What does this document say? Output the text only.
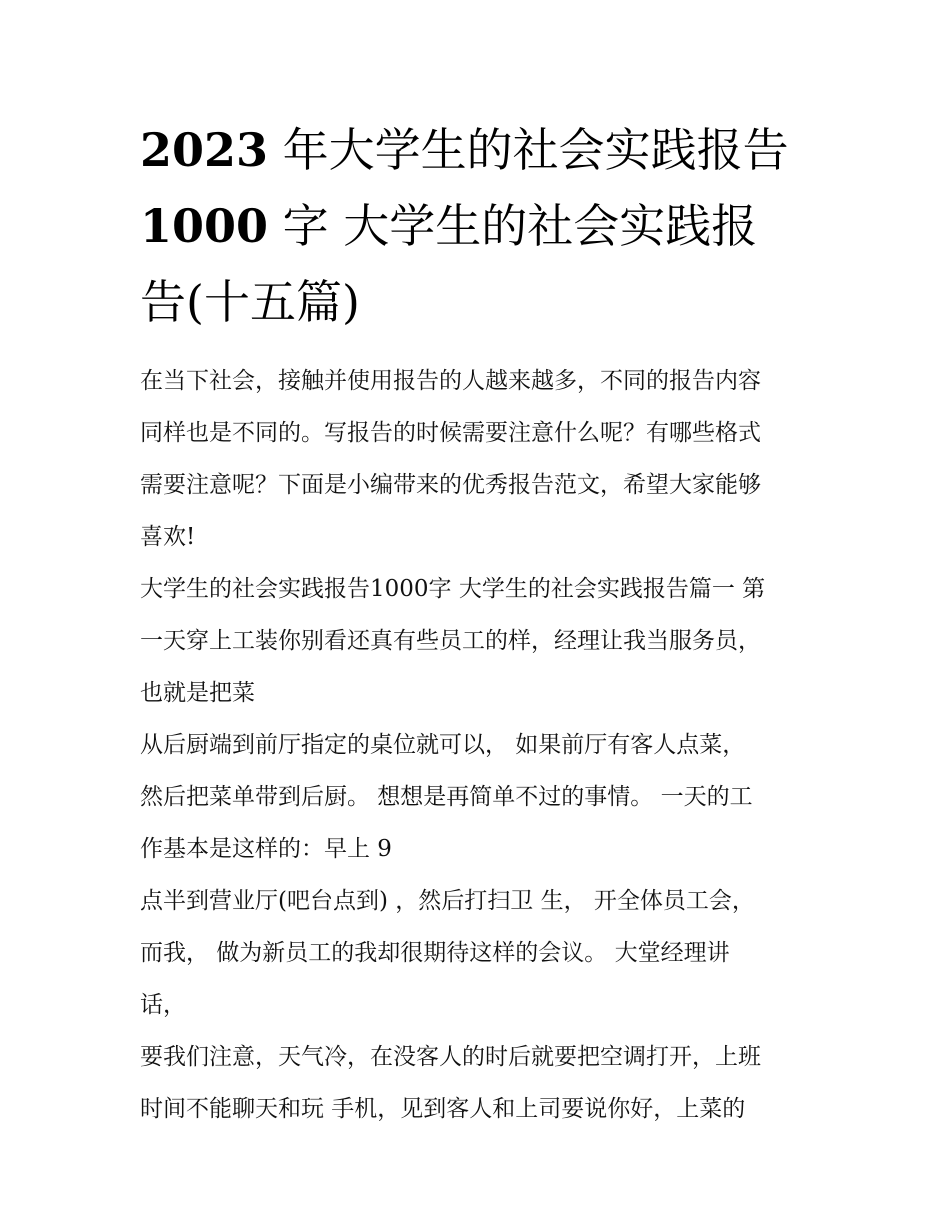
2023 年大学生的社会实践报告
1000 字 大学生的社会实践报
告(十五篇)

在当下社会，接触并使用报告的人越来越多，不同的报告内容

同样也是不同的。写报告的时候需要注意什么呢？有哪些格式

需要注意呢？下面是小编带来的优秀报告范文，希望大家能够

喜欢!

大学生的社会实践报告1000字 大学生的社会实践报告篇一 第

一天穿上工装你别看还真有些员工的样，经理让我当服务员，

也就是把菜

从后厨端到前厅指定的桌位就可以， 如果前厅有客人点菜，

然后把菜单带到后厨。 想想是再简单不过的事情。 一天的工

作基本是这样的：早上 9

点半到营业厅(吧台点到) ，然后打扫卫 生， 开全体员工会，

而我， 做为新员工的我却很期待这样的会议。 大堂经理讲

话，

要我们注意，天气冷，在没客人的时后就要把空调打开，上班

时间不能聊天和玩 手机，见到客人和上司要说你好，上菜的
